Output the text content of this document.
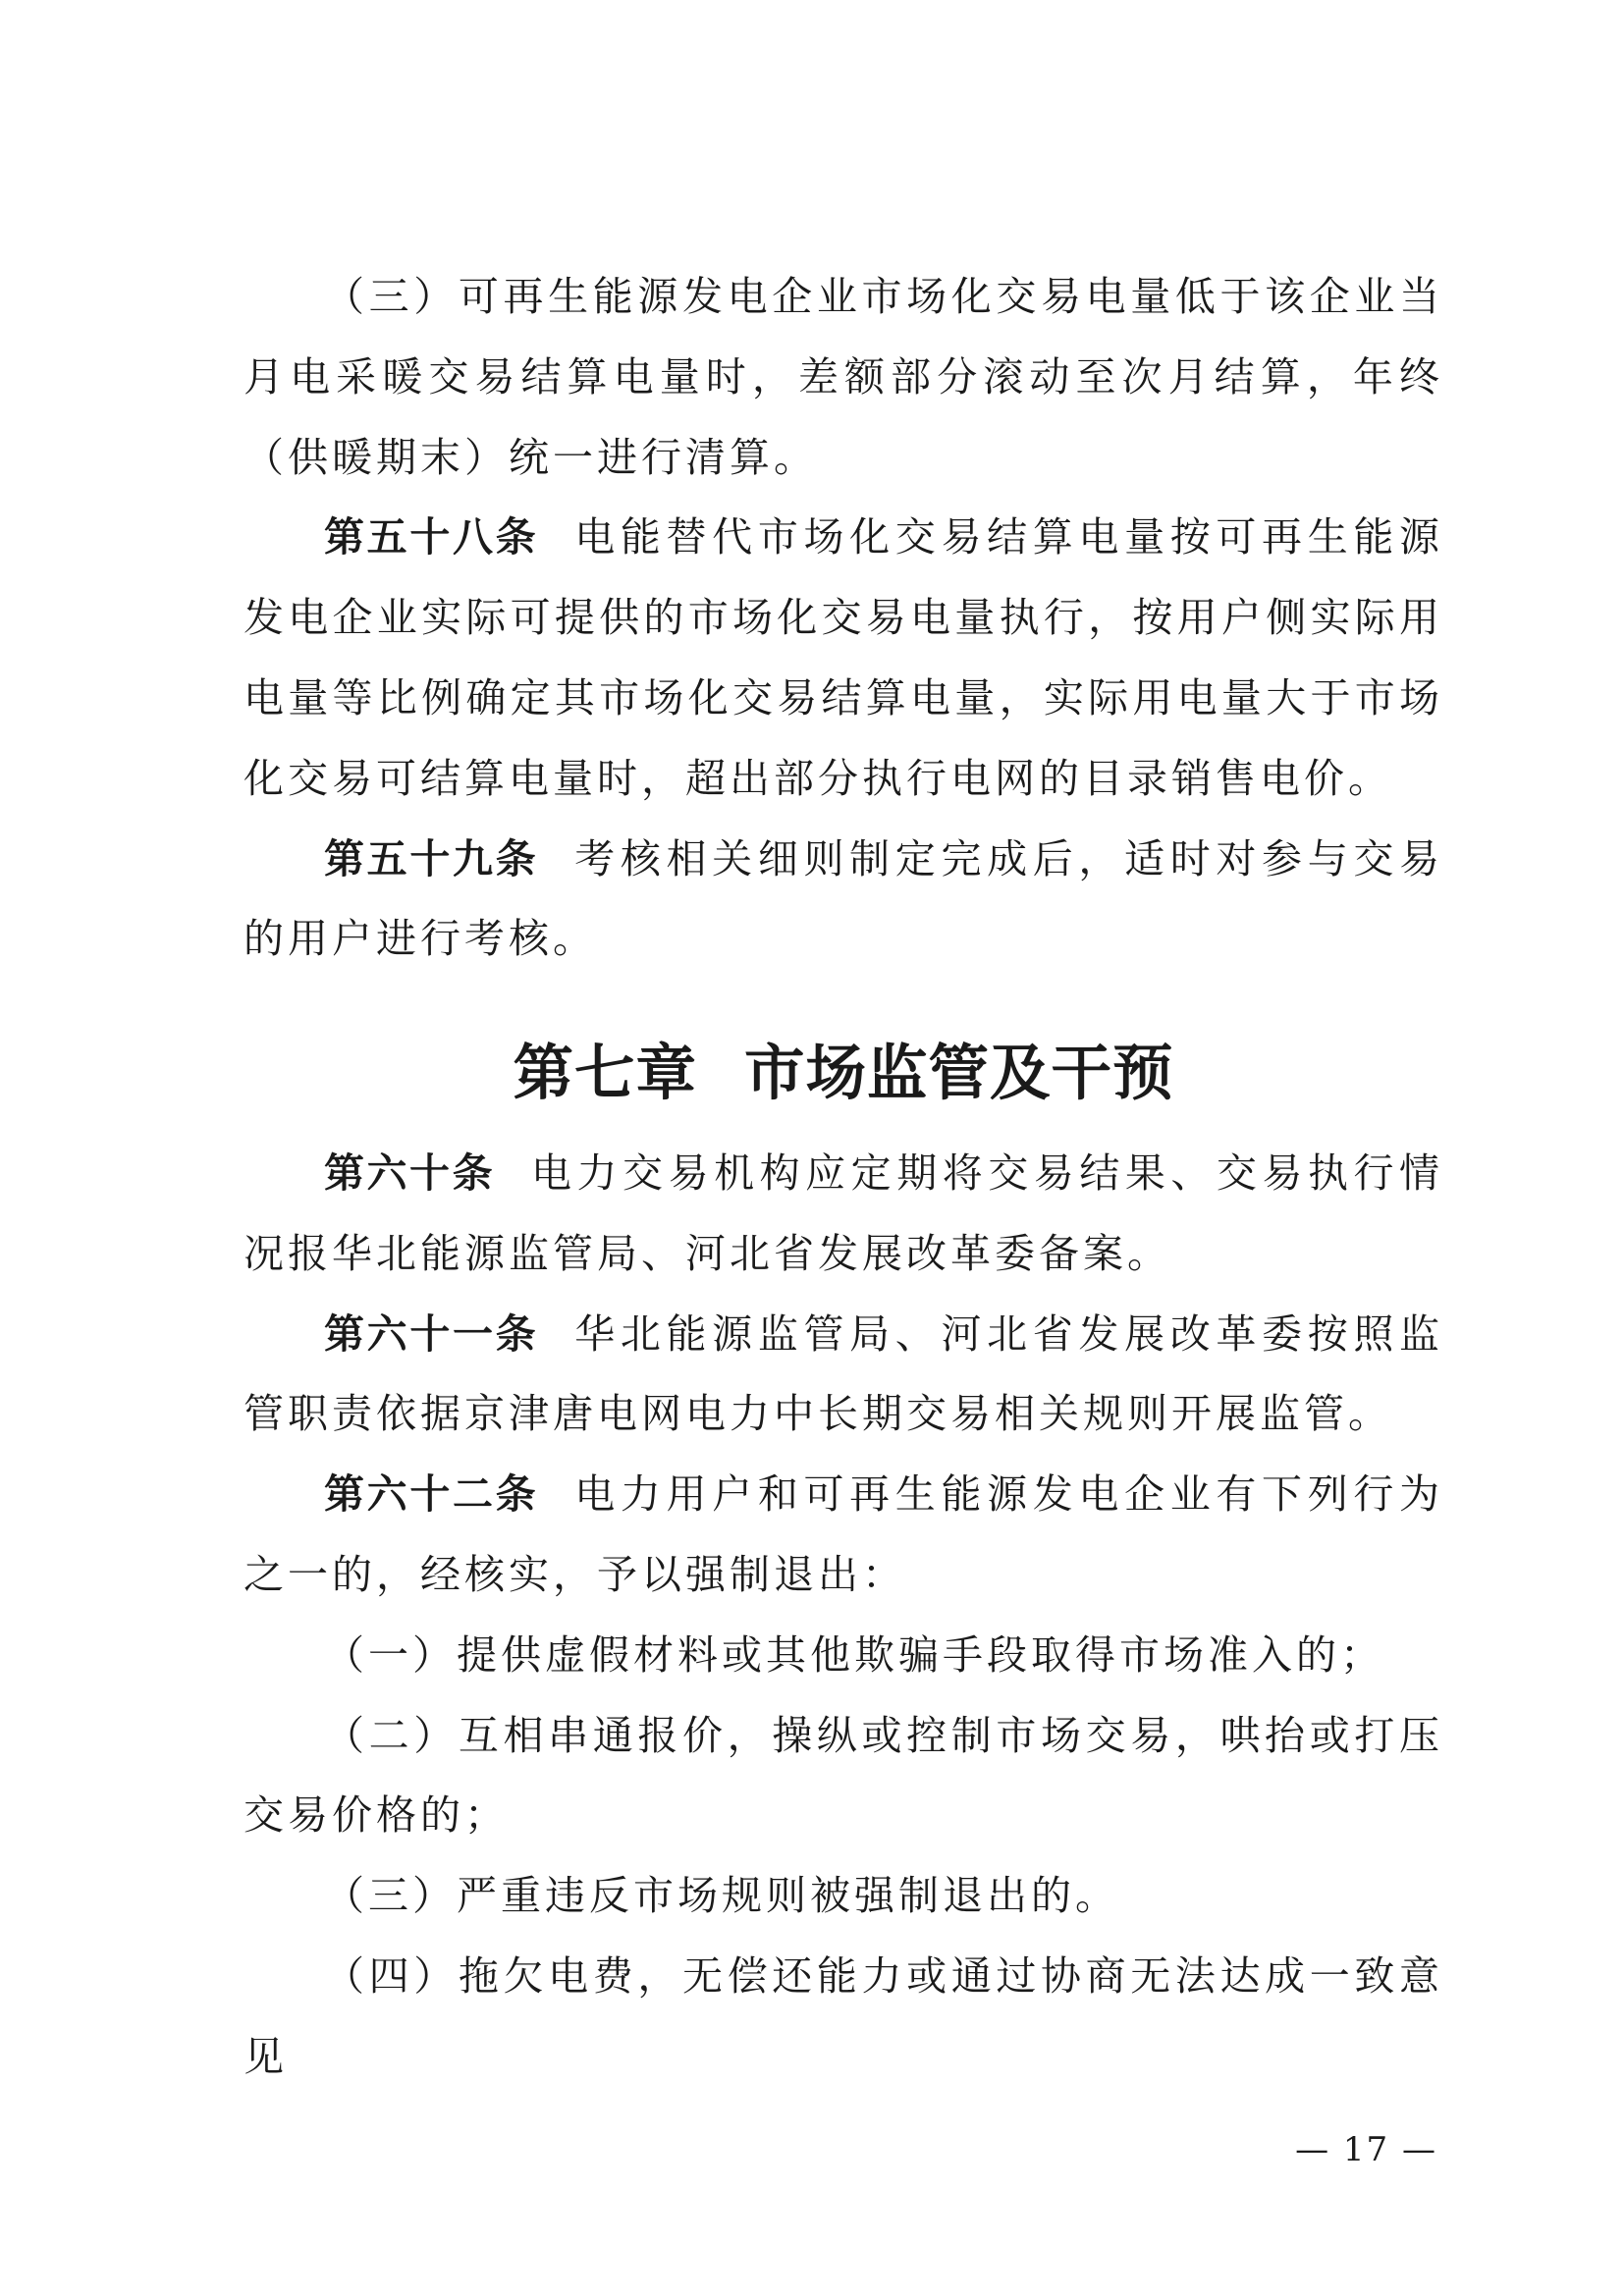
（三）可再生能源发电企业市场化交易电量低于该企业当月电采暖交易结算电量时，差额部分滚动至次月结算，年终（供暖期末）统一进行清算。

第五十八条 电能替代市场化交易结算电量按可再生能源发电企业实际可提供的市场化交易电量执行，按用户侧实际用电量等比例确定其市场化交易结算电量，实际用电量大于市场化交易可结算电量时，超出部分执行电网的目录销售电价。

第五十九条 考核相关细则制定完成后，适时对参与交易的用户进行考核。

第七章 市场监管及干预

第六十条 电力交易机构应定期将交易结果、交易执行情况报华北能源监管局、河北省发展改革委备案。

第六十一条 华北能源监管局、河北省发展改革委按照监管职责依据京津唐电网电力中长期交易相关规则开展监管。

第六十二条 电力用户和可再生能源发电企业有下列行为之一的，经核实，予以强制退出：

（一）提供虚假材料或其他欺骗手段取得市场准入的；

（二）互相串通报价，操纵或控制市场交易，哄抬或打压交易价格的；

（三）严重违反市场规则被强制退出的。

（四）拖欠电费，无偿还能力或通过协商无法达成一致意见

— 17 —
